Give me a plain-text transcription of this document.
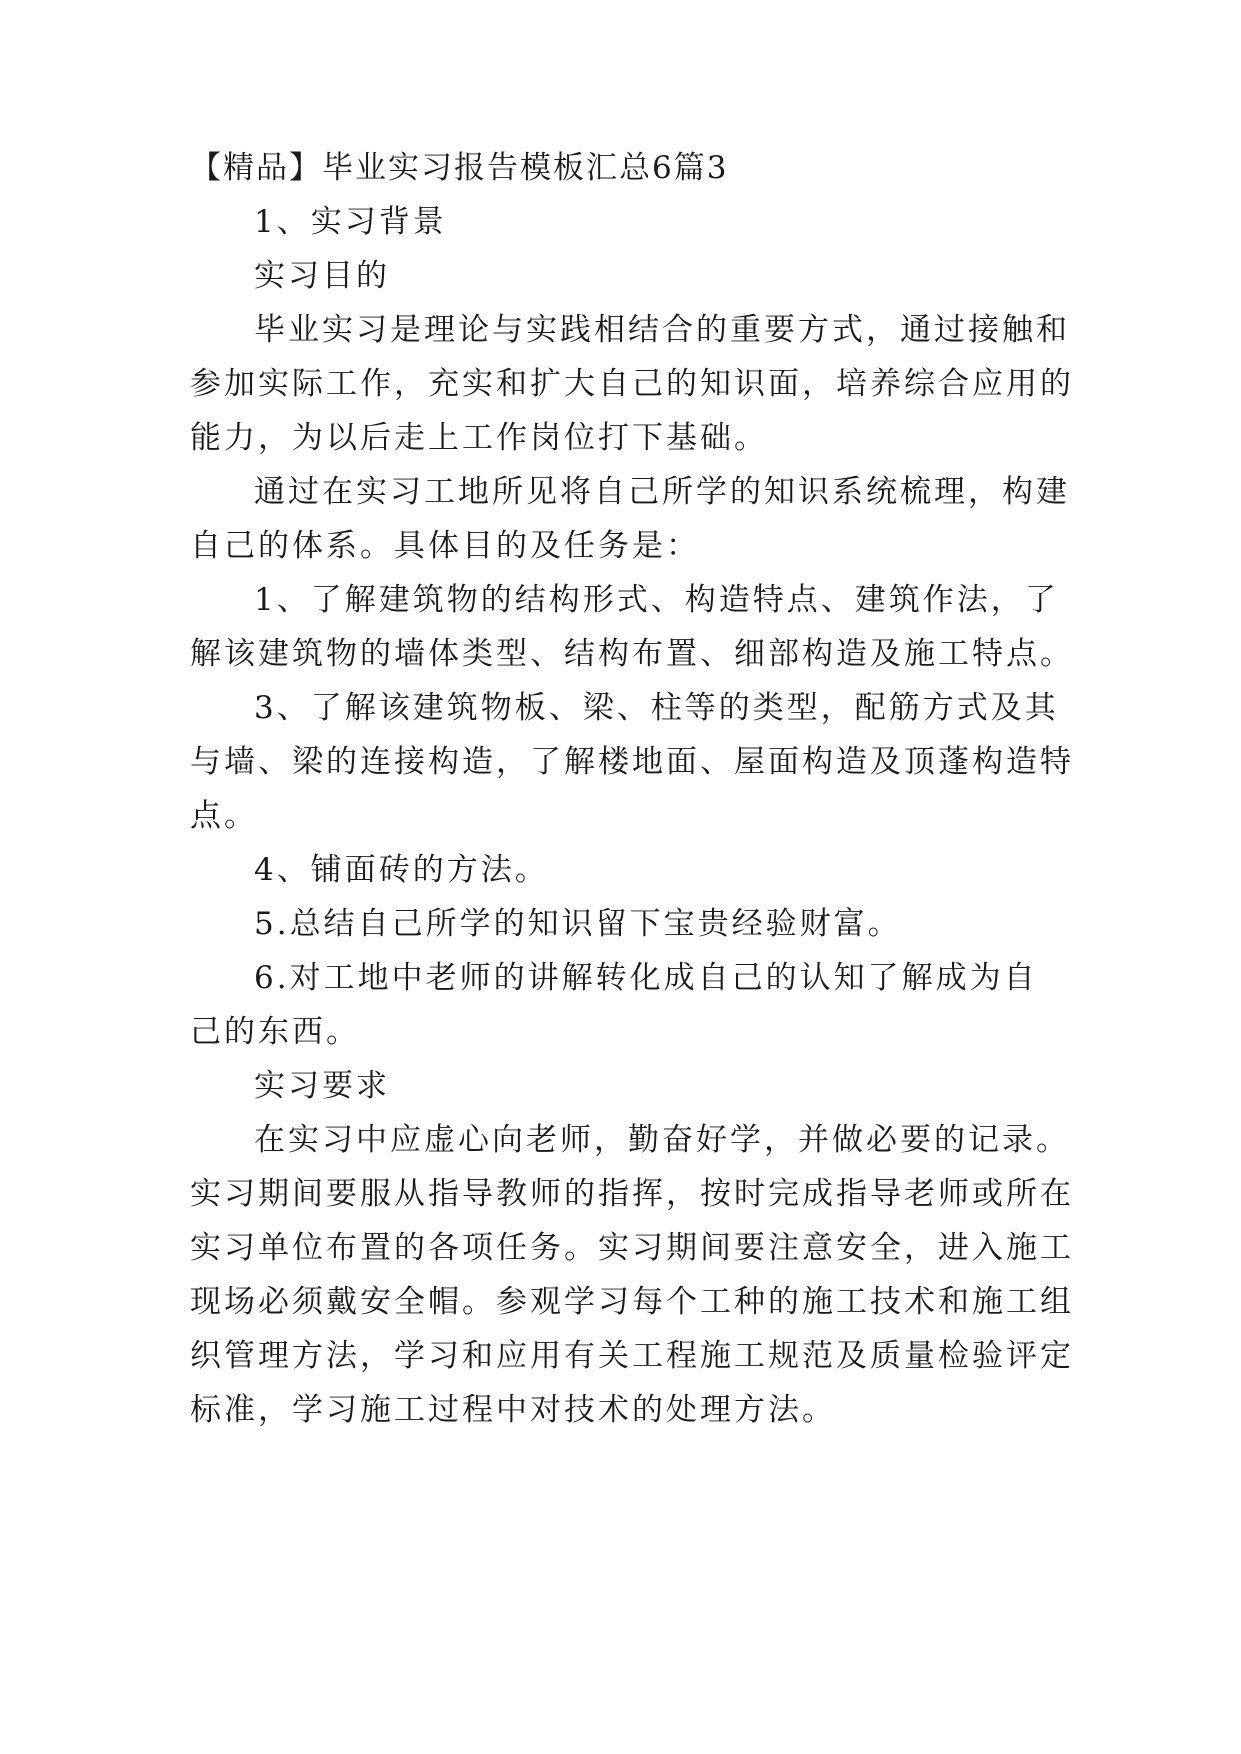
【精品】毕业实习报告模板汇总6篇3
1、实习背景
实习目的
毕业实习是理论与实践相结合的重要方式，通过接触和
参加实际工作，充实和扩大自己的知识面，培养综合应用的
能力，为以后走上工作岗位打下基础。
通过在实习工地所见将自己所学的知识系统梳理，构建
自己的体系。具体目的及任务是：
1、了解建筑物的结构形式、构造特点、建筑作法，了
解该建筑物的墙体类型、结构布置、细部构造及施工特点。
3、了解该建筑物板、梁、柱等的类型，配筋方式及其
与墙、梁的连接构造，了解楼地面、屋面构造及顶蓬构造特
点。
4、铺面砖的方法。
5.总结自己所学的知识留下宝贵经验财富。
6.对工地中老师的讲解转化成自己的认知了解成为自
己的东西。
实习要求
在实习中应虚心向老师，勤奋好学，并做必要的记录。
实习期间要服从指导教师的指挥，按时完成指导老师或所在
实习单位布置的各项任务。实习期间要注意安全，进入施工
现场必须戴安全帽。参观学习每个工种的施工技术和施工组
织管理方法，学习和应用有关工程施工规范及质量检验评定
标准，学习施工过程中对技术的处理方法。
